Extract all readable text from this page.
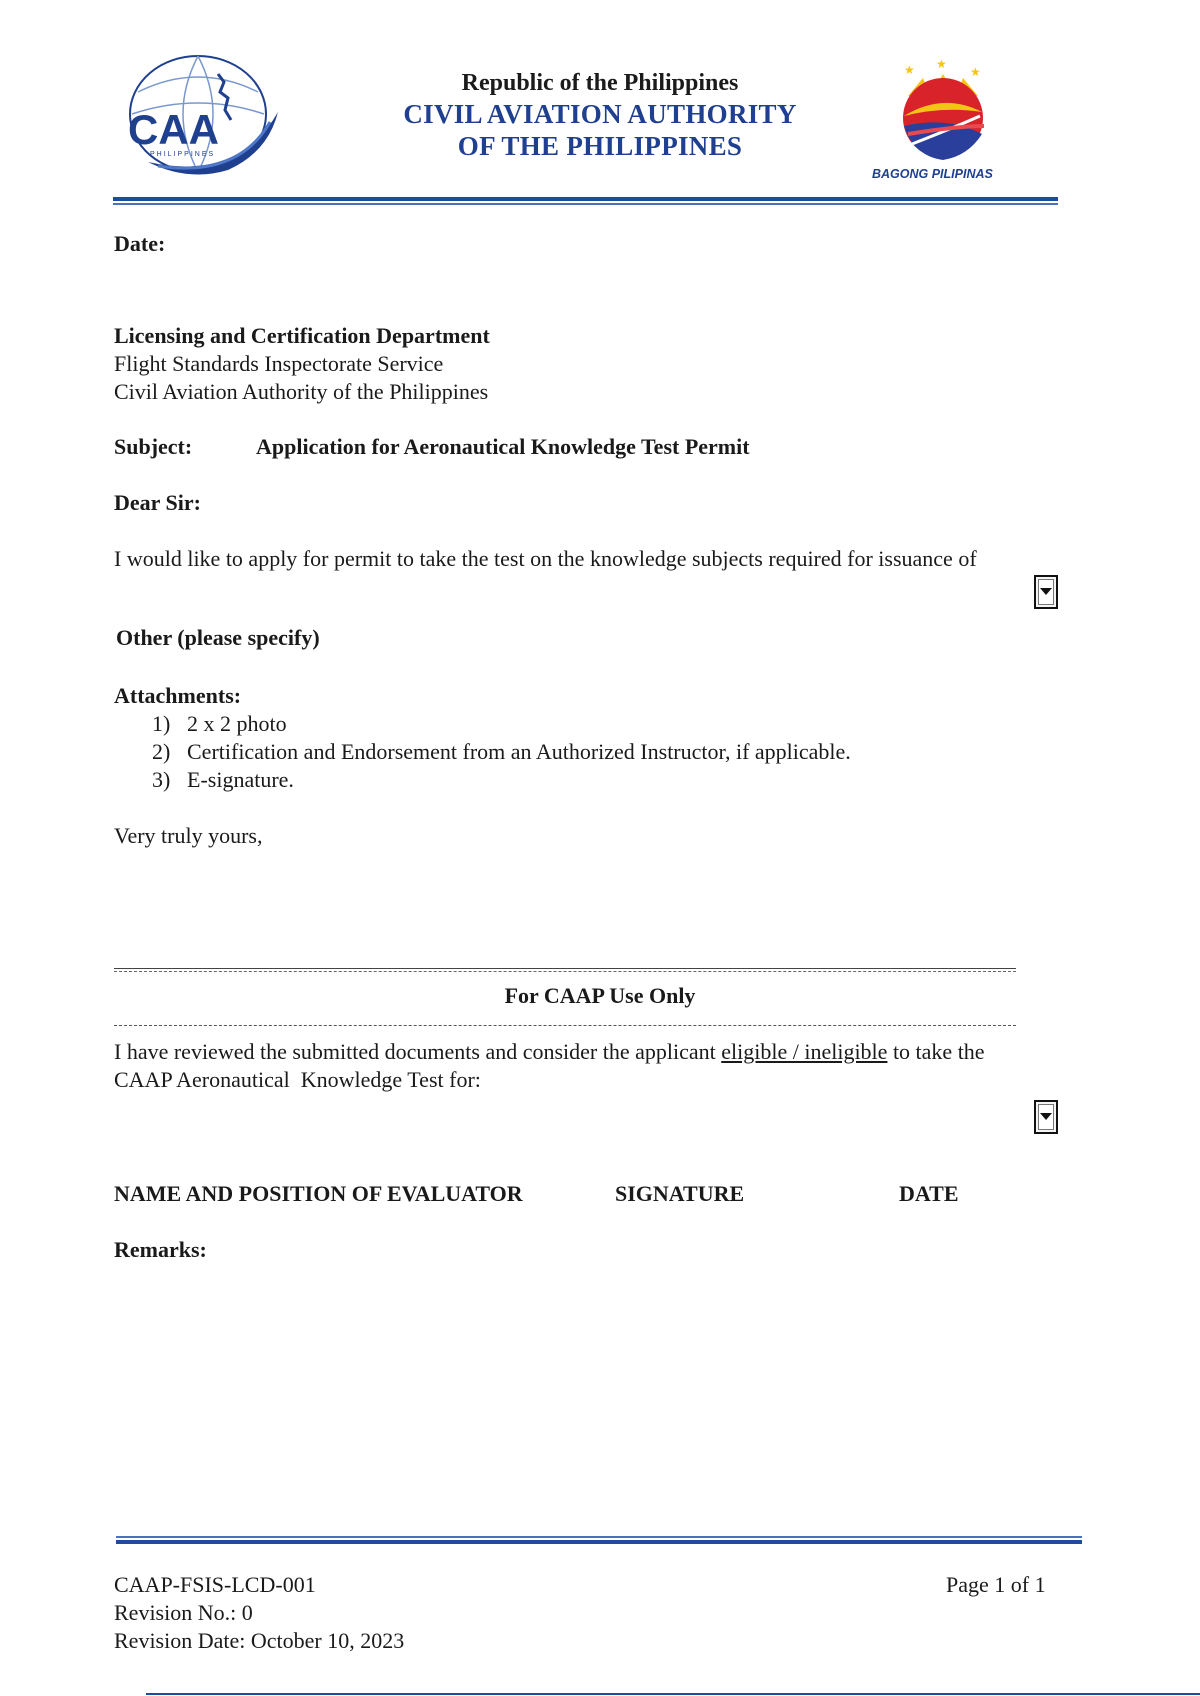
CAA
PHILIPPINES
Republic of the Philippines
CIVIL AVIATION AUTHORITY
OF THE PHILIPPINES
★ ★
★
BAGONG PILIPINAS
Date:
Licensing and Certification Department
Flight Standards Inspectorate Service
Civil Aviation Authority of the Philippines
Subject:	Application for Aeronautical Knowledge Test Permit
Dear Sir:
I would like to apply for permit to take the test on the knowledge subjects required for issuance of
Other (please specify)
Attachments:
1) 2 x 2 photo
2) Certification and Endorsement from an Authorized Instructor, if applicable.
3) E-signature.
Very truly yours,
For CAAP Use Only
I have reviewed the submitted documents and consider the applicant eligible / ineligible to take the
CAAP Aeronautical  Knowledge Test for:
NAME AND POSITION OF EVALUATOR	SIGNATURE	DATE
Remarks:
CAAP-FSIS-LCD-001
Revision No.: 0
Revision Date: October 10, 2023
Page 1 of 1
